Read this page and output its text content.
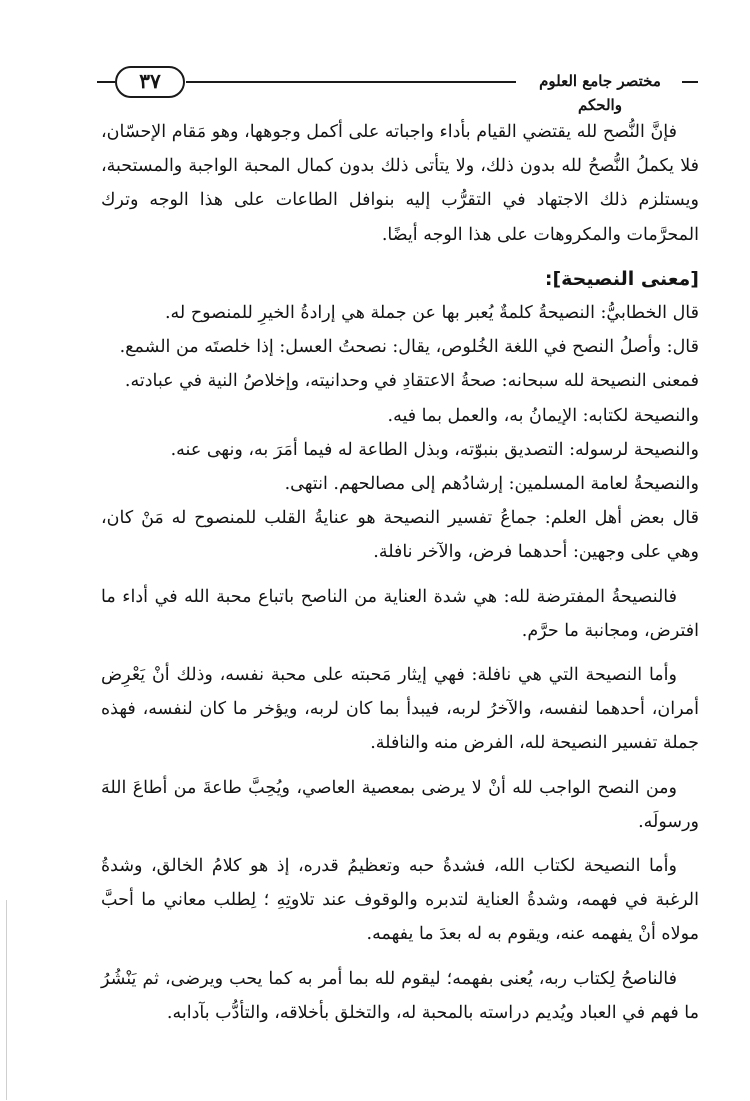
٣٧	مختصر جامع العلوم والحكم

فإنَّ النُّصح لله يقتضي القيام بأداء واجباته على أكمل وجوهها، وهو مَقام الإحسّان، فلا يكملُ النُّصحُ لله بدون ذلك، ولا يتأتى ذلك بدون كمال المحبة الواجبة والمستحبة، ويستلزم ذلك الاجتهاد في التقرُّب إليه بنوافل الطاعات على هذا الوجه وترك المحرَّمات والمكروهات على هذا الوجه أيضًا.

[معنى النصيحة]:

قال الخطابيُّ: النصيحةُ كلمةٌ يُعبر بها عن جملة هي إرادةُ الخيرِ للمنصوح له.

قال: وأصلُ النصح في اللغة الخُلوص، يقال: نصحتُ العسل: إذا خلصتَه من الشمع.

فمعنى النصيحة لله سبحانه: صحةُ الاعتقادِ في وحدانيته، وإخلاصُ النية في عبادته.

والنصيحة لكتابه: الإيمانُ به، والعمل بما فيه.

والنصيحة لرسوله: التصديق بنبوّته، وبذل الطاعة له فيما أمَرَ به، ونهى عنه.

والنصيحةُ لعامة المسلمين: إرشادُهم إلى مصالحهم. انتهى.

قال بعض أهل العلم: جماعُ تفسير النصيحة هو عنايةُ القلب للمنصوح له مَنْ كان، وهي على وجهين: أحدهما فرض، والآخر نافلة.

فالنصيحةُ المفترضة لله: هي شدة العناية من الناصح باتباع محبة الله في أداء ما افترض، ومجانبة ما حرَّم.

وأما النصيحة التي هي نافلة: فهي إيثار مَحبته على محبة نفسه، وذلك أنْ يَعْرِض أمران، أحدهما لنفسه، والآخرُ لربه، فيبدأ بما كان لربه، ويؤخر ما كان لنفسه، فهذه جملة تفسير النصيحة لله، الفرض منه والنافلة.

ومن النصح الواجب لله أنْ لا يرضى بمعصية العاصي، ويُحِبَّ طاعةَ من أطاعَ اللهَ ورسولَه.

وأما النصيحة لكتاب الله، فشدةُ حبه وتعظيمُ قدره، إذ هو كلامُ الخالق، وشدةُ الرغبة في فهمه، وشدةُ العناية لتدبره والوقوف عند تلاوتِهِ ؛ لِطلب معاني ما أحبَّ مولاه أنْ يفهمه عنه، ويقوم به له بعدَ ما يفهمه.

فالناصحُ لِكتاب ربه، يُعنى بفهمه؛ ليقوم لله بما أمر به كما يحب ويرضى، ثم يَنْشُرُ ما فهم في العباد ويُديم دراسته بالمحبة له، والتخلق بأخلاقه، والتأدُّب بآدابه.
